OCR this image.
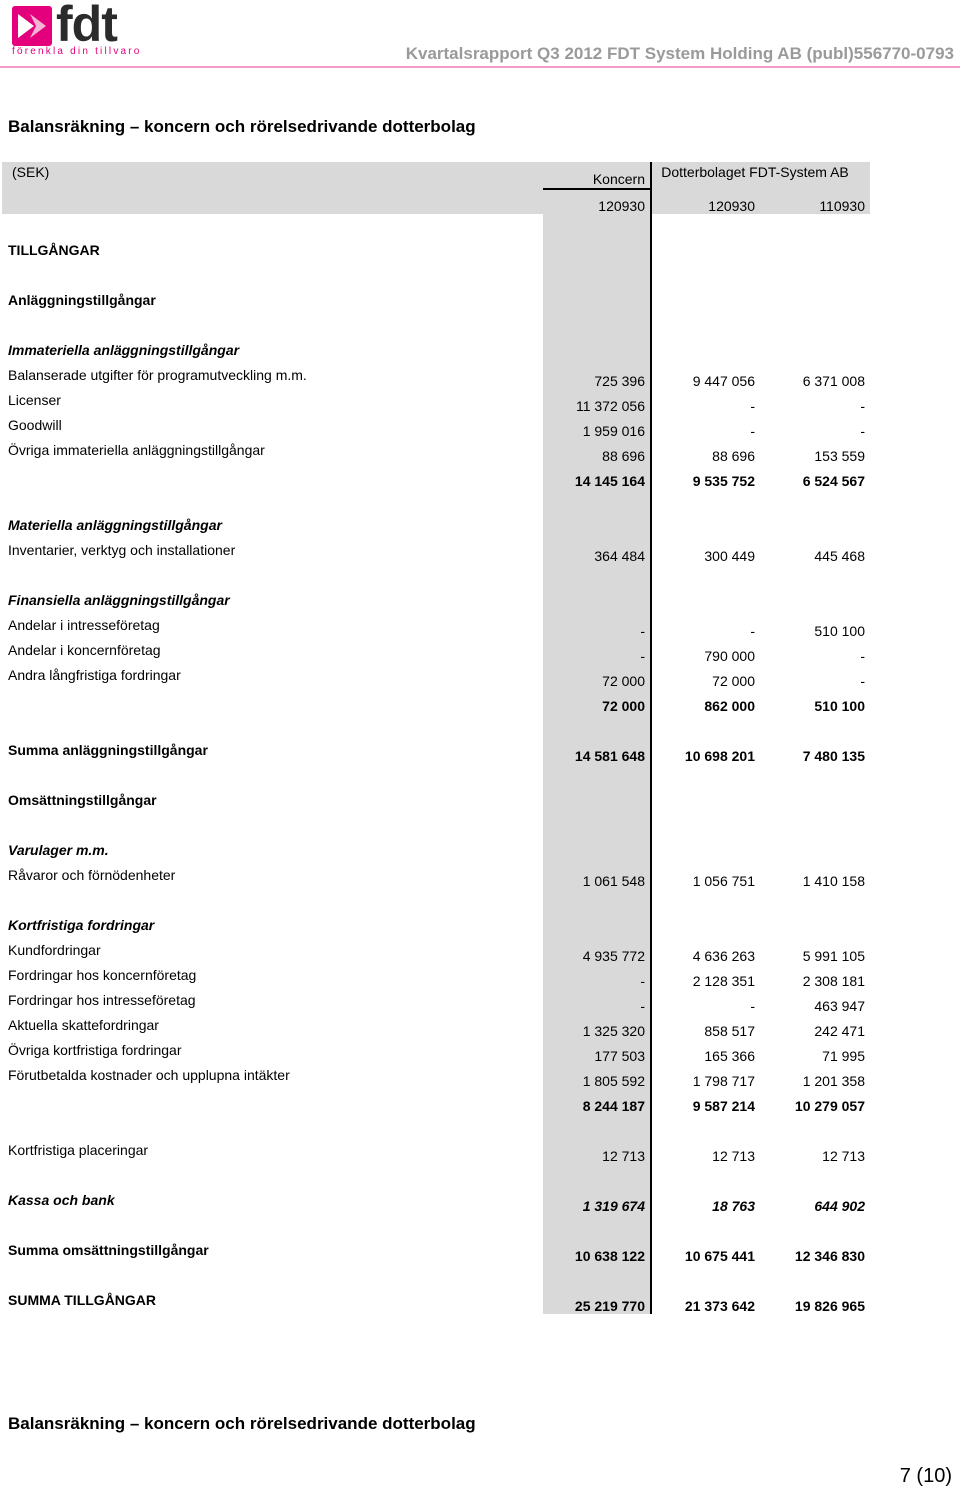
fdt
förenkla din tillvaro	Kvartalsrapport Q3 2012 FDT System Holding AB (publ)556770-0793
Balansräkning – koncern och rörelsedrivande dotterbolag
(SEK)	Koncern	Dotterbolaget FDT-System AB
120930	120930	110930
TILLGÅNGAR
Anläggningstillgångar
Immateriella anläggningstillgångar
Balanserade utgifter för programutveckling m.m.	725 396	9 447 056	6 371 008
Licenser	11 372 056	-	-
Goodwill	1 959 016	-	-
Övriga immateriella anläggningstillgångar	88 696	88 696	153 559
14 145 164	9 535 752	6 524 567
Materiella anläggningstillgångar
Inventarier, verktyg och installationer	364 484	300 449	445 468
Finansiella anläggningstillgångar
Andelar i intresseföretag	-	-	510 100
Andelar i koncernföretag	-	790 000	-
Andra långfristiga fordringar	72 000	72 000	-
72 000	862 000	510 100
Summa anläggningstillgångar	14 581 648	10 698 201	7 480 135
Omsättningstillgångar
Varulager m.m.
Råvaror och förnödenheter	1 061 548	1 056 751	1 410 158
Kortfristiga fordringar
Kundfordringar	4 935 772	4 636 263	5 991 105
Fordringar hos koncernföretag	-	2 128 351	2 308 181
Fordringar hos intresseföretag	-	-	463 947
Aktuella skattefordringar	1 325 320	858 517	242 471
Övriga kortfristiga fordringar	177 503	165 366	71 995
Förutbetalda kostnader och upplupna intäkter	1 805 592	1 798 717	1 201 358
8 244 187	9 587 214	10 279 057
Kortfristiga placeringar	12 713	12 713	12 713
Kassa och bank	1 319 674	18 763	644 902
Summa omsättningstillgångar	10 638 122	10 675 441	12 346 830
SUMMA TILLGÅNGAR	25 219 770	21 373 642	19 826 965
Balansräkning – koncern och rörelsedrivande dotterbolag
7 (10)
